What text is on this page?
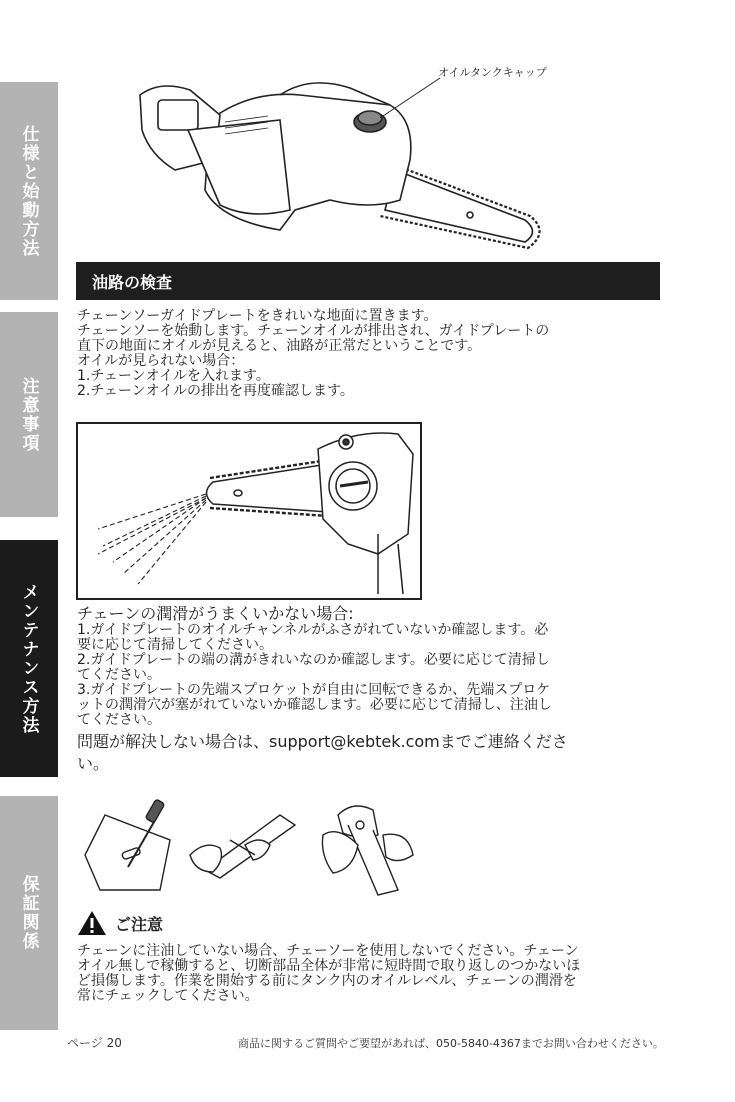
仕様と始動方法
注意事項
メンテナンス方法
保証関係
オイルタンクキャップ
油路の検査
チェーンソーガイドプレートをきれいな地面に置きます。
チェーンソーを始動します。チェーンオイルが排出され、ガイドプレートの
直下の地面にオイルが見えると、油路が正常だということです。
オイルが見られない場合：
1.チェーンオイルを入れます。
2.チェーンオイルの排出を再度確認します。
チェーンの潤滑がうまくいかない場合:
1.ガイドプレートのオイルチャンネルがふさがれていないか確認します。必
要に応じて清掃してください。
2.ガイドプレートの端の溝がきれいなのか確認します。必要に応じて清掃し
てください。
3.ガイドプレートの先端スプロケットが自由に回転できるか、先端スプロケ
ットの潤滑穴が塞がれていないか確認します。必要に応じて清掃し、注油し
てください。
問題が解決しない場合は、support@kebtek.comまでご連絡くださ
い。
ご注意
チェーンに注油していない場合、チェーソーを使用しないでください。チェーン
オイル無しで稼働すると、切断部品全体が非常に短時間で取り返しのつかないほ
ど損傷します。作業を開始する前にタンク内のオイルレベル、チェーンの潤滑を
常にチェックしてください。
ページ 20	商品に関するご質問やご要望があれば、050-5840-4367までお問い合わせください。
